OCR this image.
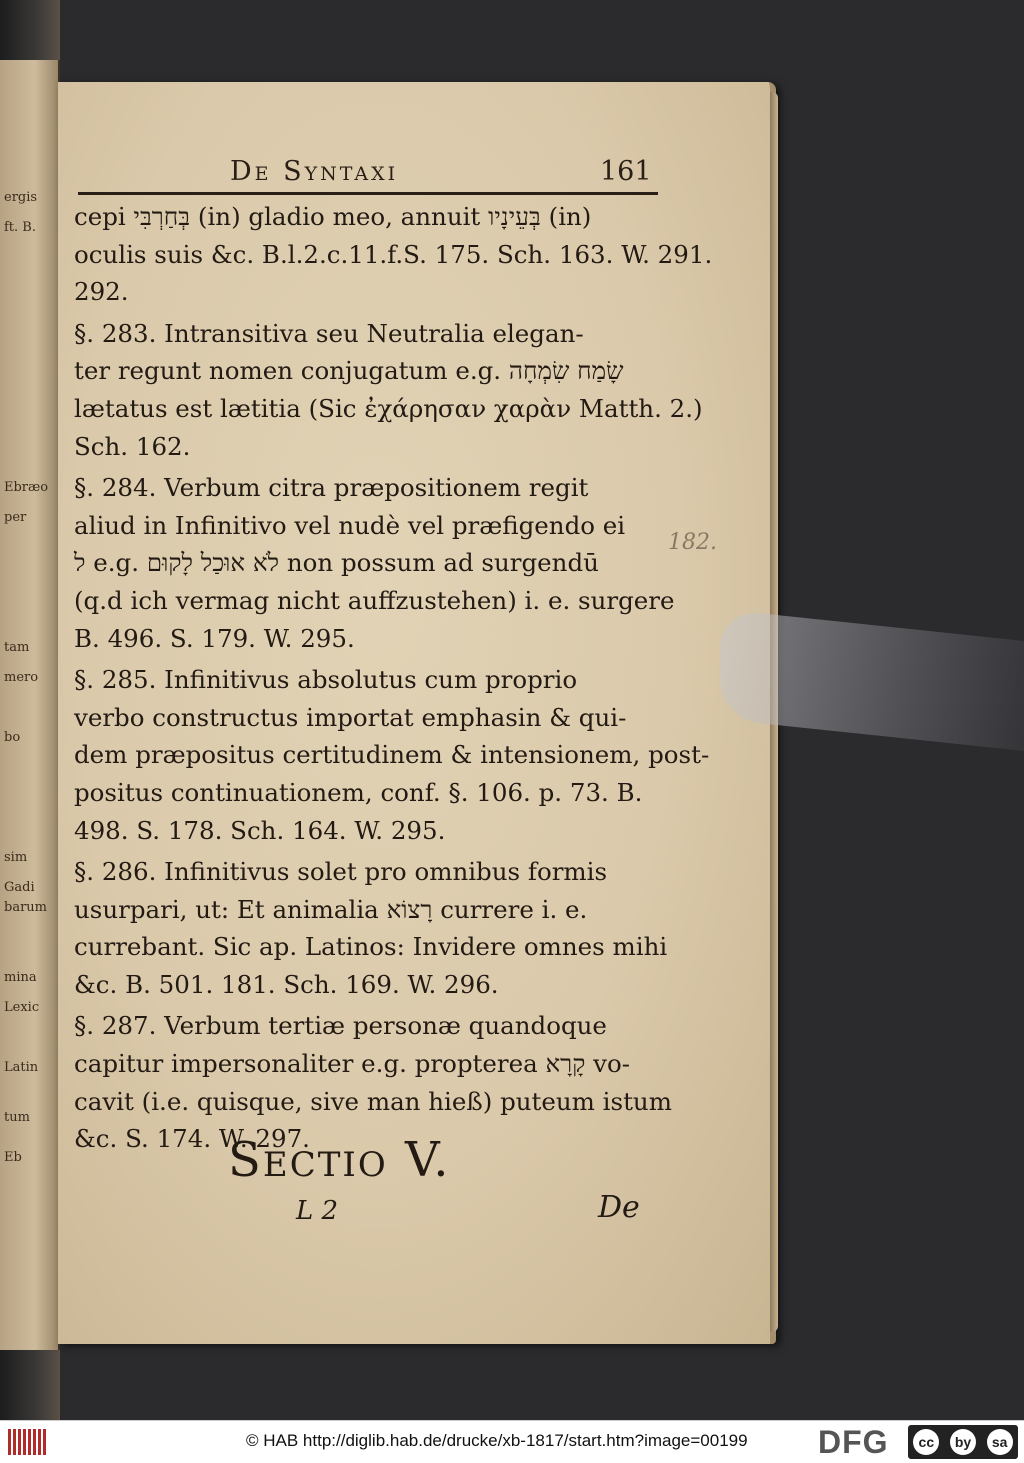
ergis
ft. B.
Ebræo
per
tam
mero
bo
sim
Gadi
barum
mina
Lexic
Latin
tum
Eb
De Syntaxi	161
cepi בְּחַרְבִּי (in) gladio meo, annuit בְּעֵינָיו (in)
oculis suis &c. B.l.2.c.11.f.S. 175. Sch. 163. W. 291.
292.
§. 283. Intransitiva seu Neutralia elegan-
ter regunt nomen conjugatum e.g. שָׂמַח שִׂמְחָה
lætatus est lætitia (Sic ἐχάρησαν χαρὰν Matth. 2.)
Sch. 162.
§. 284. Verbum citra præpositionem regit
aliud in Infinitivo vel nudè vel præfigendo ei
ל e.g. לֹא אוּכַל לָקוּם non possum ad surgendū
(q.d ich vermag nicht auffzustehen) i. e. surgere
B. 496. S. 179. W. 295.
§. 285. Infinitivus absolutus cum proprio
verbo constructus importat emphasin & qui-
dem præpositus certitudinem & intensionem, post-
positus continuationem, conf. §. 106. p. 73. B.
498. S. 178. Sch. 164. W. 295.
§. 286. Infinitivus solet pro omnibus formis
usurpari, ut: Et animalia רָצוֹא currere i. e.
currebant. Sic ap. Latinos: Invidere omnes mihi
&c. B. 501. 181. Sch. 169. W. 296.
§. 287. Verbum tertiæ personæ quandoque
capitur impersonaliter e.g. propterea קָרָא vo-
cavit (i.e. quisque, sive man hieß) puteum istum
&c. S. 174. W. 297.
182.
Sectio V.
L 2	De
© HAB http://diglib.hab.de/drucke/xb-1817/start.htm?image=00199 DFG	cc	by	sa
